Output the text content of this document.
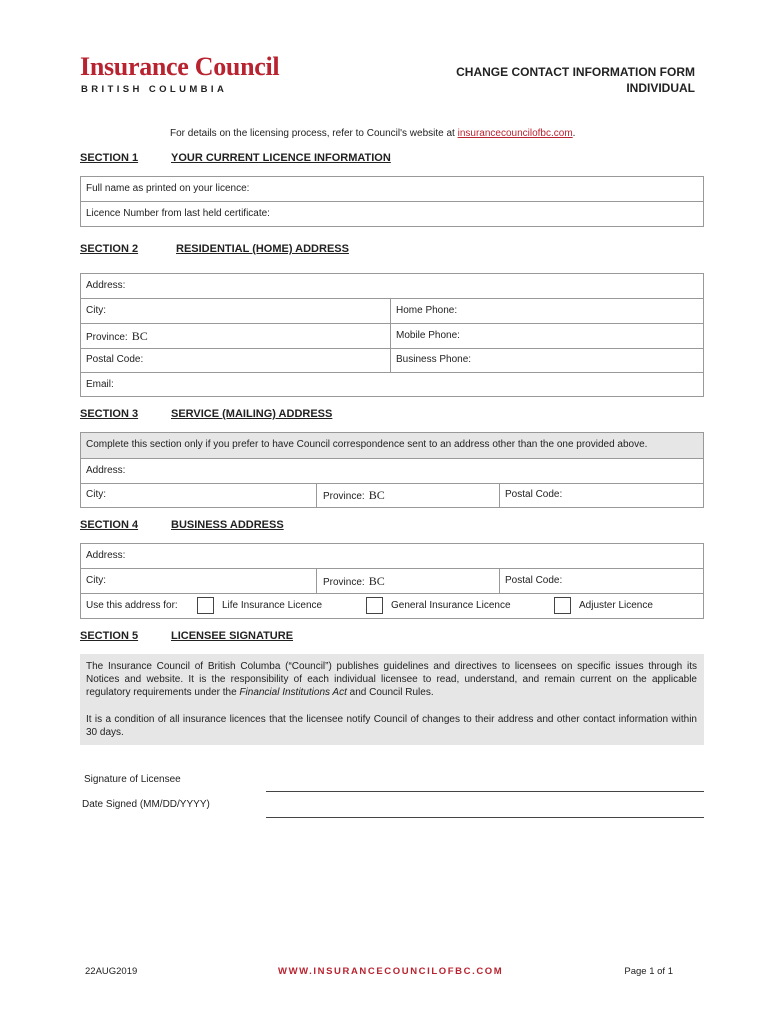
Insurance Council
BRITISH COLUMBIA
CHANGE CONTACT INFORMATION FORM
INDIVIDUAL
For details on the licensing process, refer to Council's website at insurancecouncilofbc.com.
SECTION 1	YOUR CURRENT LICENCE INFORMATION
Full name as printed on your licence:
Licence Number from last held certificate:
SECTION 2	RESIDENTIAL (HOME) ADDRESS
Address:
City:	Home Phone:
Province: BC	Mobile Phone:
Postal Code:	Business Phone:
Email:
SECTION 3	SERVICE (MAILING) ADDRESS
Complete this section only if you prefer to have Council correspondence sent to an address other than the one provided above.
Address:
City:	Province: BC	Postal Code:
SECTION 4	BUSINESS ADDRESS
Address:
City:	Province: BC	Postal Code:
Use this address for:	Life Insurance Licence	General Insurance Licence	Adjuster Licence
SECTION 5	LICENSEE SIGNATURE
The Insurance Council of British Columba (“Council”) publishes guidelines and directives to licensees on specific issues through its Notices and website. It is the responsibility of each individual licensee to read, understand, and remain current on the applicable regulatory requirements under the Financial Institutions Act and Council Rules.
It is a condition of all insurance licences that the licensee notify Council of changes to their address and other contact information within 30 days.
Signature of Licensee
Date Signed (MM/DD/YYYY)
22AUG2019	WWW.INSURANCECOUNCILOFBC.COM	Page 1 of 1
